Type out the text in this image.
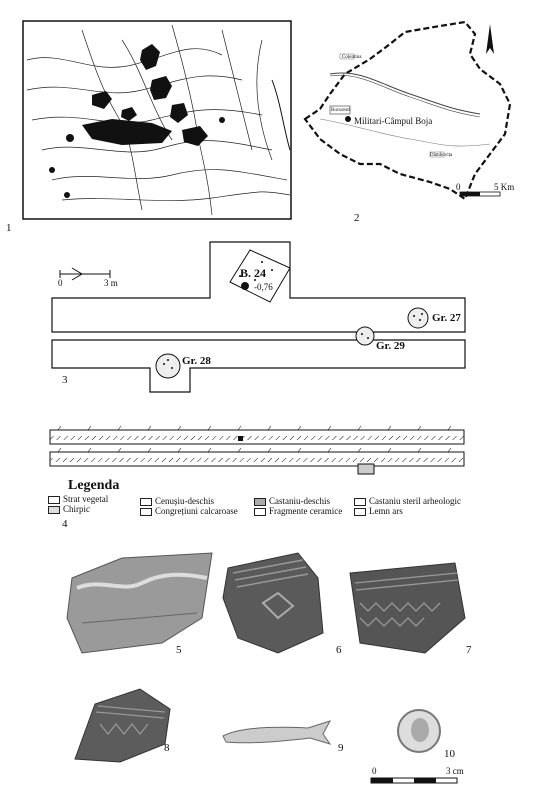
1
Militari-Câmpul Boja
Colentina
Dâmbovița
Bucuresti
0	5 Km
2
0	3 m
B. 24
-0,76
Gr. 27
Gr. 29
Gr. 28
3
Legenda
Strat vegetal
Chirpic
Cenușiu-deschis
Congrețiuni calcaroase
Castaniu-deschis
Fragmente ceramice
Castaniu steril arheologic
Lemn ars
4
5	6	7
8	9	10
0	3 cm
